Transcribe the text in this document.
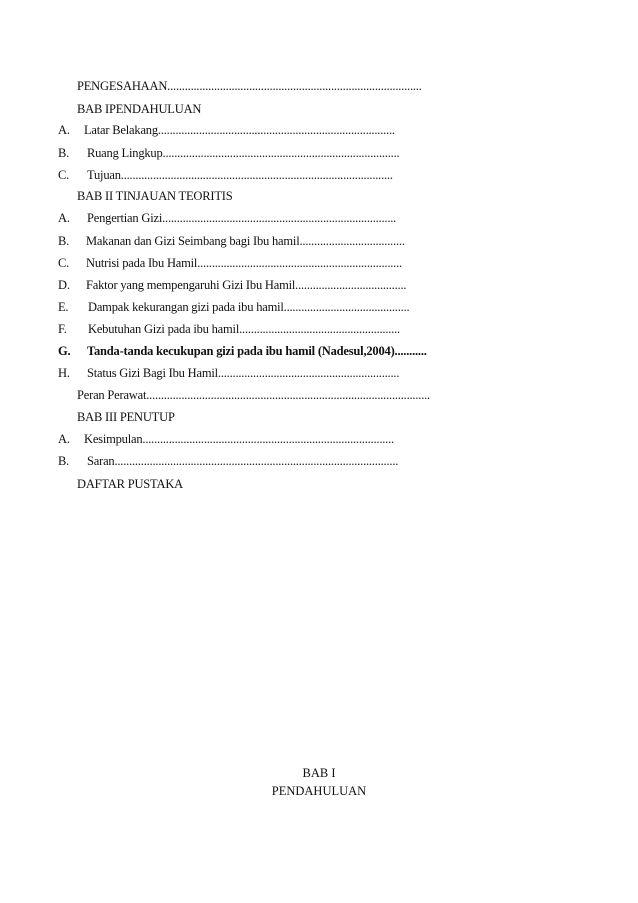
PENGESAHAAN.......................................................................................
BAB IPENDAHULUAN
A. Latar Belakang.................................................................................
B. Ruang Lingkup.................................................................................
C. Tujuan.............................................................................................
BAB II TINJAUAN TEORITIS
A. Pengertian Gizi................................................................................
B. Makanan dan Gizi Seimbang bagi Ibu hamil....................................
C. Nutrisi pada Ibu Hamil......................................................................
D. Faktor yang mempengaruhi Gizi Ibu Hamil......................................
E. Dampak kekurangan gizi pada ibu hamil...........................................
F. Kebutuhan Gizi pada ibu hamil.......................................................
G. Tanda-tanda kecukupan gizi pada ibu hamil (Nadesul,2004)...........
H. Status Gizi Bagi Ibu Hamil..............................................................
Peran Perawat.................................................................................................
BAB III PENUTUP
A. Kesimpulan......................................................................................
B. Saran.................................................................................................
DAFTAR PUSTAKA
BAB I
PENDAHULUAN
